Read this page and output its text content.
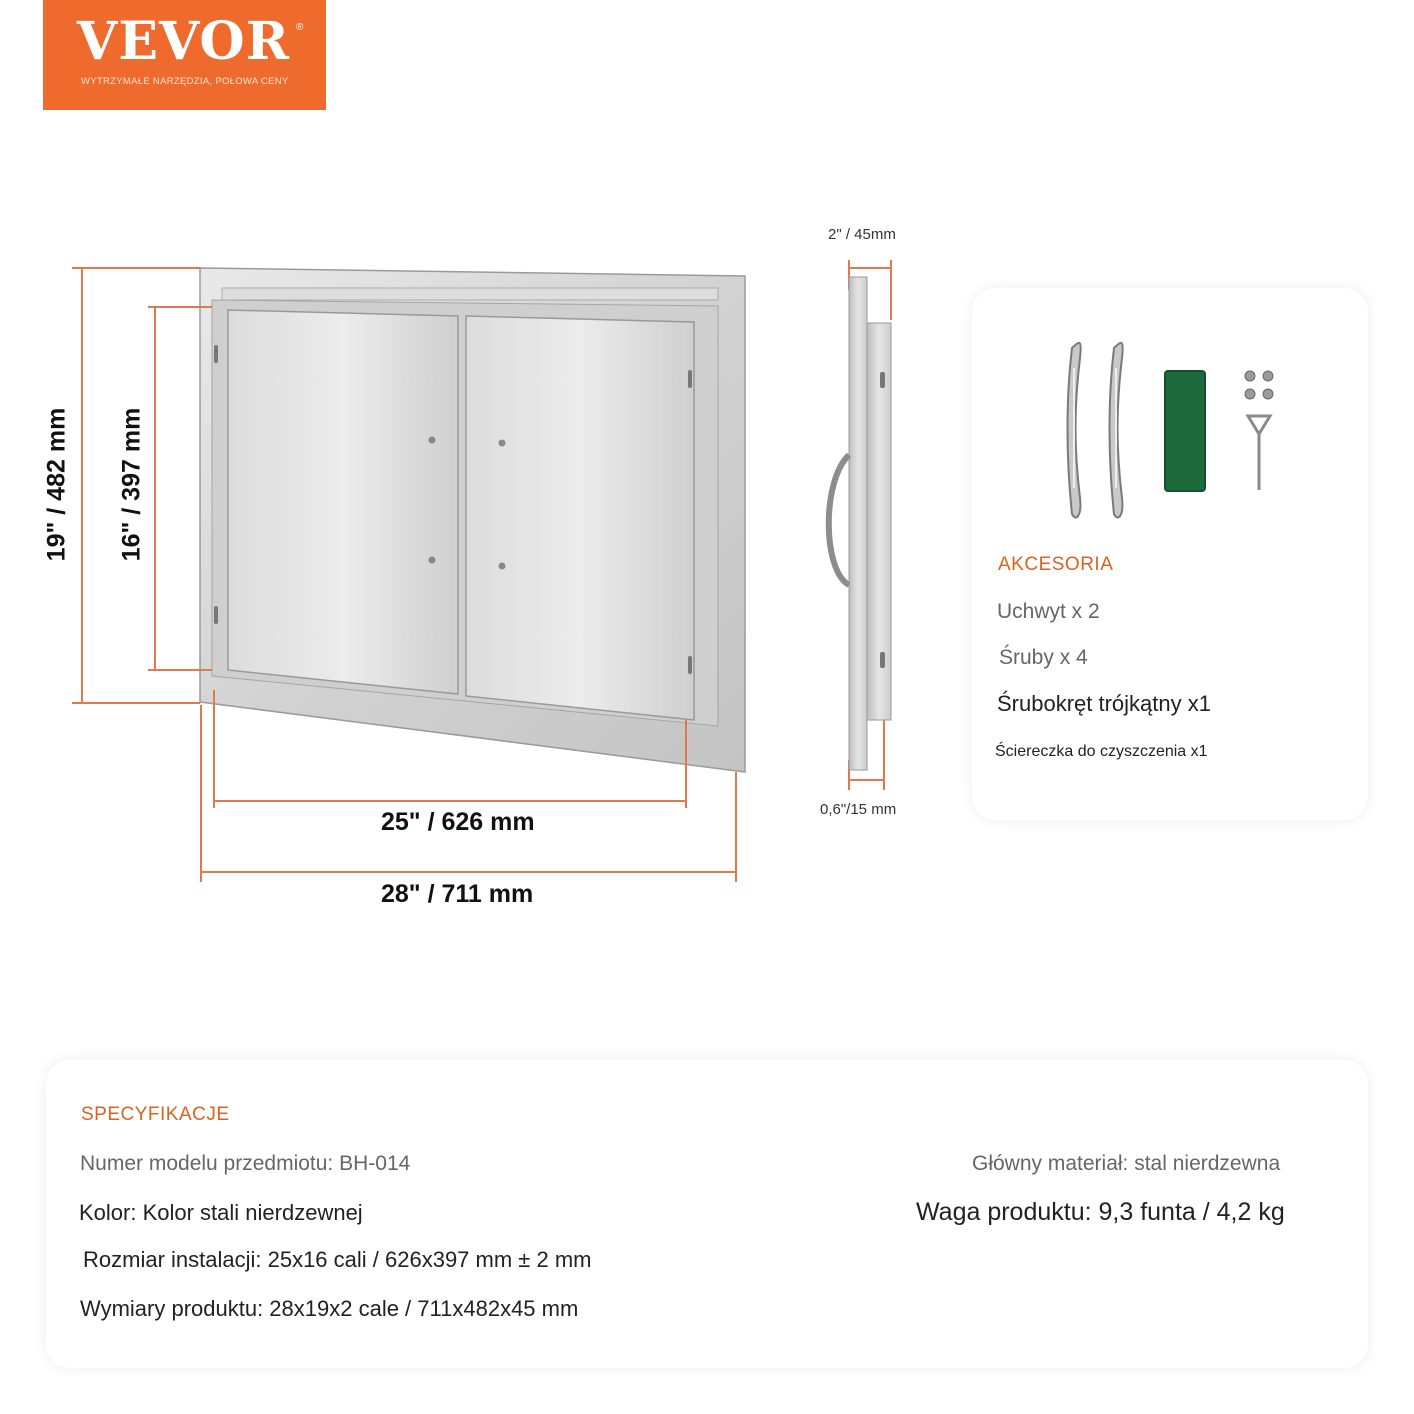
VEVOR ®
WYTRZYMAŁE NARZĘDZIA, POŁOWA CENY
19" / 482 mm 16" / 397 mm
25" / 626 mm
28" / 711 mm
2" / 45mm
0,6"/15 mm
AKCESORIA
Uchwyt x 2
Śruby x 4
Śrubokręt trójkątny x1
Ściereczka do czyszczenia x1
SPECYFIKACJE
Numer modelu przedmiotu: BH-014	Główny materiał: stal nierdzewna
Kolor: Kolor stali nierdzewnej	Waga produktu: 9,3 funta / 4,2 kg
Rozmiar instalacji: 25x16 cali / 626x397 mm ± 2 mm
Wymiary produktu: 28x19x2 cale / 711x482x45 mm
